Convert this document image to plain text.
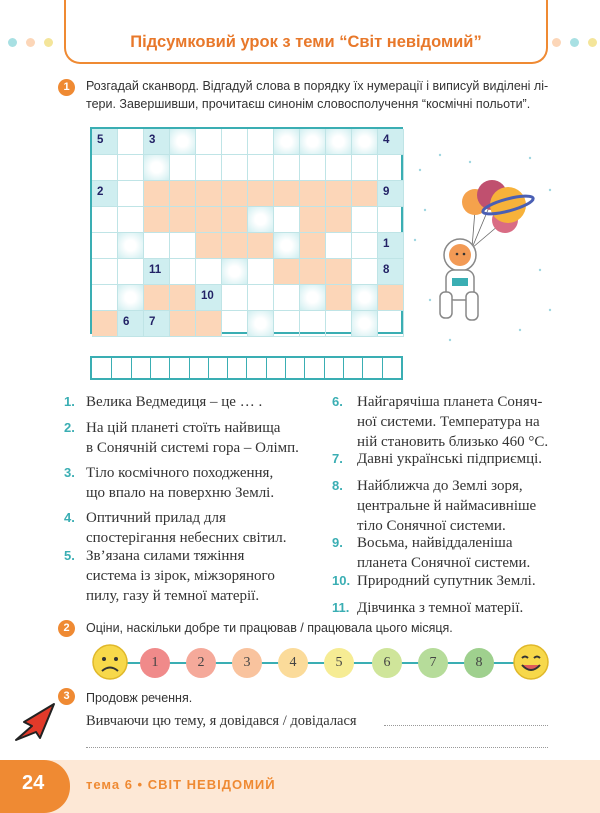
Підсумковий урок з теми “Світ невідомий”
1	Розгадай сканворд. Відгадуй слова в порядку їх нумерації і виписуй виділені лі-
тери. Завершивши, прочитаєш синонім словосполучення “космічні польоти”.
5	3	4
2	9
1
11	8
10
6	7
1. Велика Ведмедиця – це … .
2. На цій планеті стоїть найвища
в Сонячній системі гора – Олімп.
3. Тіло космічного походження,
що впало на поверхню Землі.
4. Оптичний прилад для
спостерігання небесних світил.
5. Зв’язана силами тяжіння
система із зірок, міжзоряного
пилу, газу й темної матерії.
6. Найгарячіша планета Соняч-
ної системи. Температура на
ній становить близько 460 °С.
7. Давні українські підприємці.
8. Найближча до Землі зоря,
центральне й наймасивніше
тіло Сонячної системи.
9. Восьма, найвіддаленіша
планета Сонячної системи.
10. Природний супутник Землі.
11. Дівчинка з темної матерії.
2	Оціни, наскільки добре ти працював / працювала цього місяця.
1	2	3	4	5	6	7	8
3	Продовж речення.
Вивчаючи цю тему, я довідався / довідалася
24	тема 6 • СВІТ НЕВІДОМИЙ
